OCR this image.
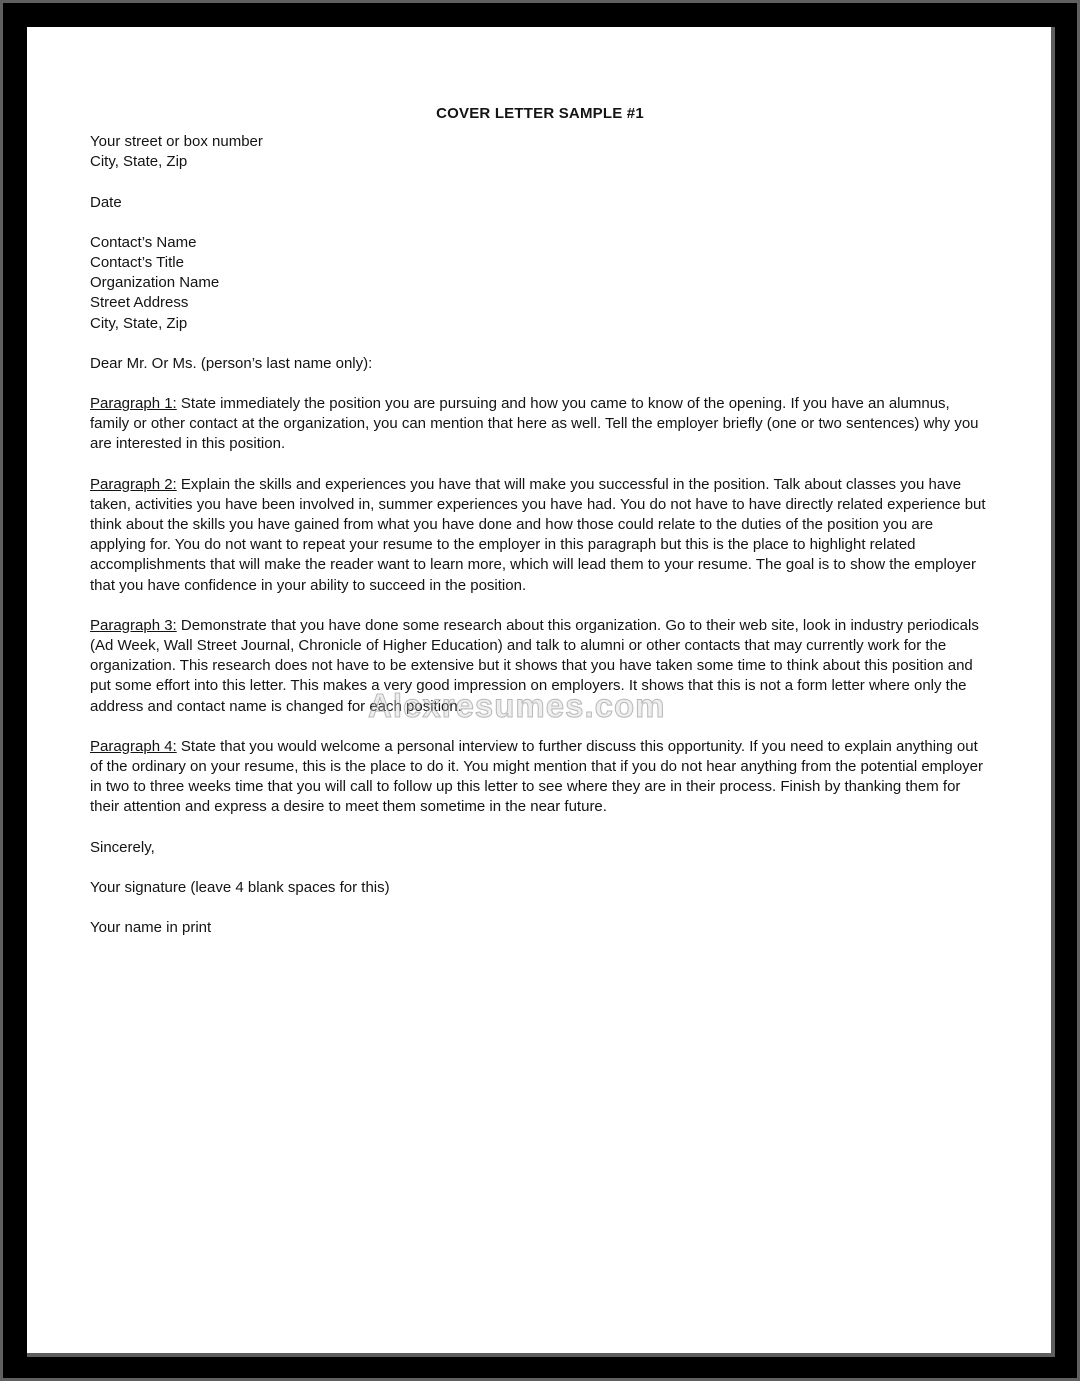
COVER LETTER SAMPLE #1
Your street or box number
City, State, Zip
Date
Contact’s Name
Contact’s Title
Organization Name
Street Address
City, State, Zip
Dear Mr. Or Ms. (person’s last name only):

Paragraph 1: State immediately the position you are pursuing and how you came to know of the opening. If you have an alumnus, family or other contact at the organization, you can mention that here as well. Tell the employer briefly (one or two sentences) why you are interested in this position.

Paragraph 2: Explain the skills and experiences you have that will make you successful in the position. Talk about classes you have taken, activities you have been involved in, summer experiences you have had. You do not have to have directly related experience but think about the skills you have gained from what you have done and how those could relate to the duties of the position you are applying for. You do not want to repeat your resume to the employer in this paragraph but this is the place to highlight related accomplishments that will make the reader want to learn more, which will lead them to your resume. The goal is to show the employer that you have confidence in your ability to succeed in the position.

Paragraph 3: Demonstrate that you have done some research about this organization. Go to their web site, look in industry periodicals (Ad Week, Wall Street Journal, Chronicle of Higher Education) and talk to alumni or other contacts that may currently work for the organization. This research does not have to be extensive but it shows that you have taken some time to think about this position and put some effort into this letter. This makes a very good impression on employers. It shows that this is not a form letter where only the address and contact name is changed for each position.

Paragraph 4: State that you would welcome a personal interview to further discuss this opportunity. If you need to explain anything out of the ordinary on your resume, this is the place to do it. You might mention that if you do not hear anything from the potential employer in two to three weeks time that you will call to follow up this letter to see where they are in their process. Finish by thanking them for their attention and express a desire to meet them sometime in the near future.

Sincerely,
Your signature (leave 4 blank spaces for this)
Your name in print
Alexresumes.com
